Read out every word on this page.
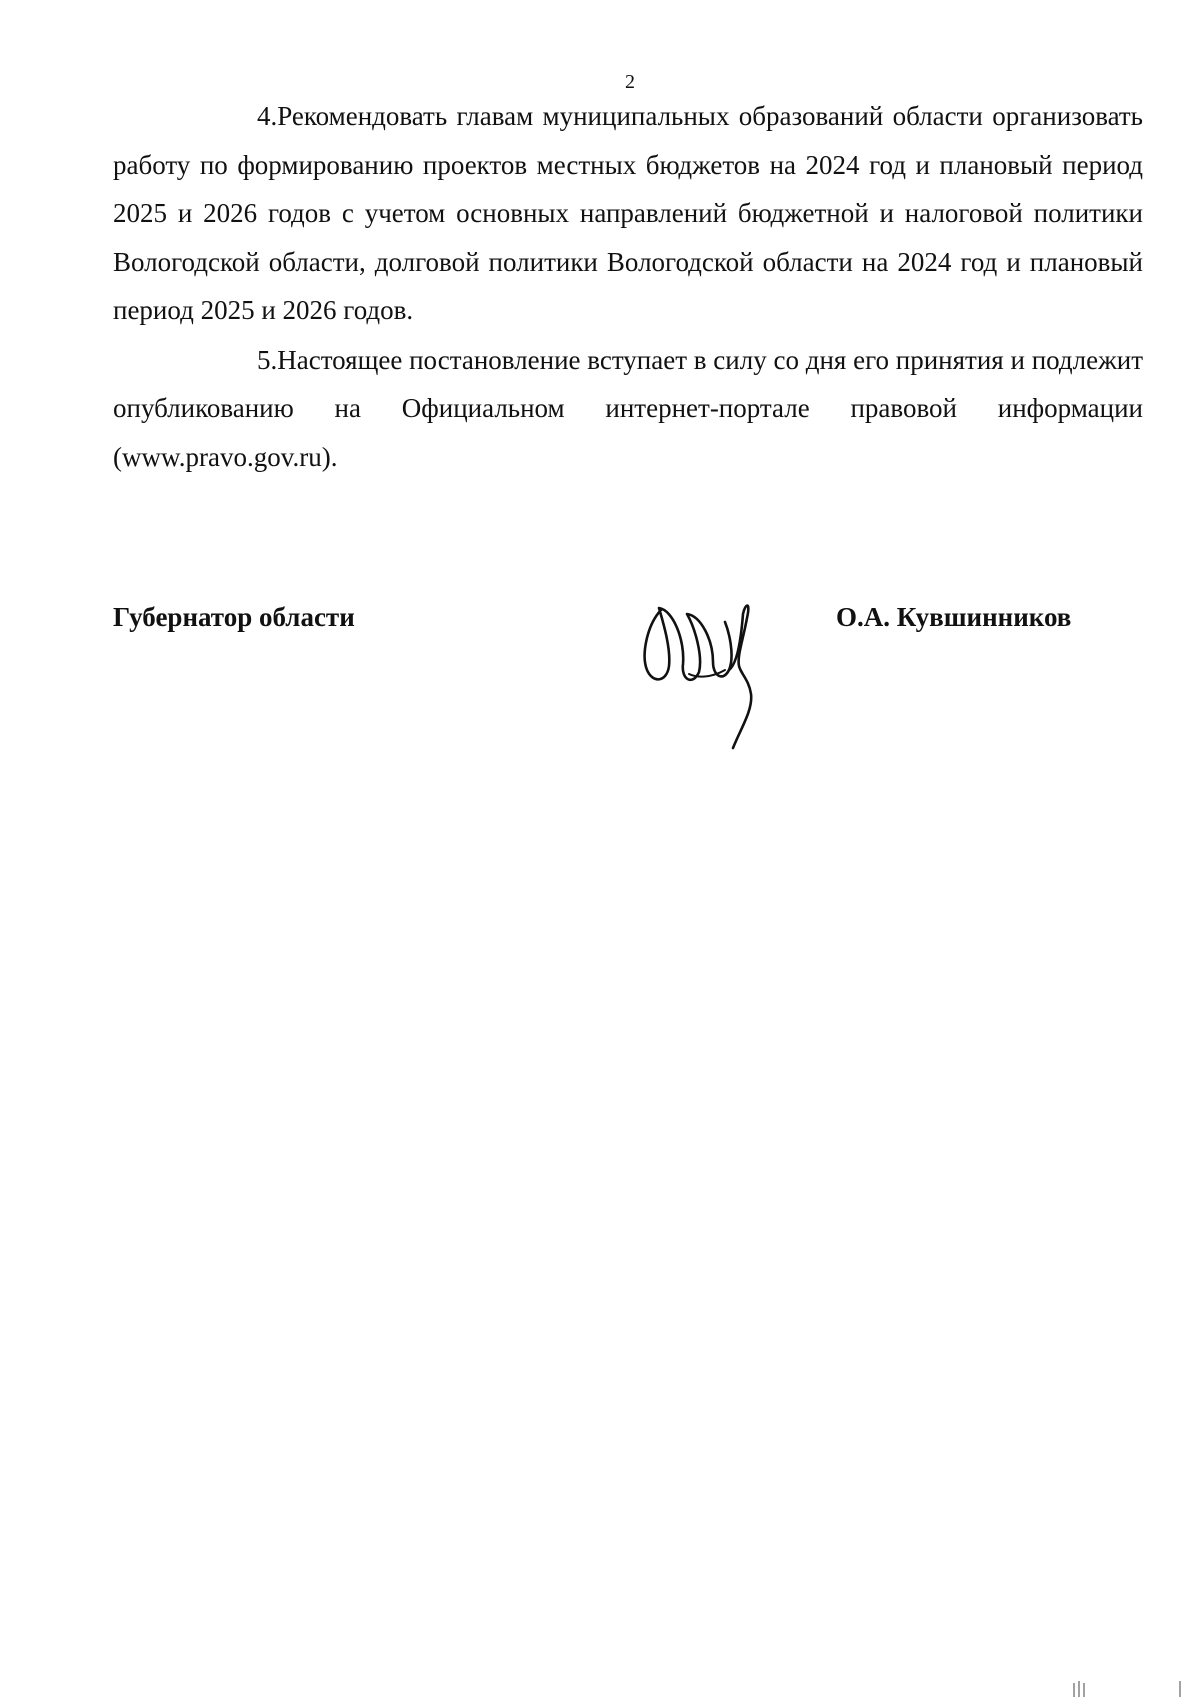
2

4.Рекомендовать главам муниципальных образований области организовать работу по формированию проектов местных бюджетов на 2024 год и плановый период 2025 и 2026 годов с учетом основных направлений бюджетной и налоговой политики Вологодской области, долговой политики Вологодской области на 2024 год и плановый период 2025 и 2026 годов.

5.Настоящее постановление вступает в силу со дня его принятия и подлежит опубликованию на Официальном интернет-портале правовой информации (www.pravo.gov.ru).

Губернатор области	О.А. Кувшинников
